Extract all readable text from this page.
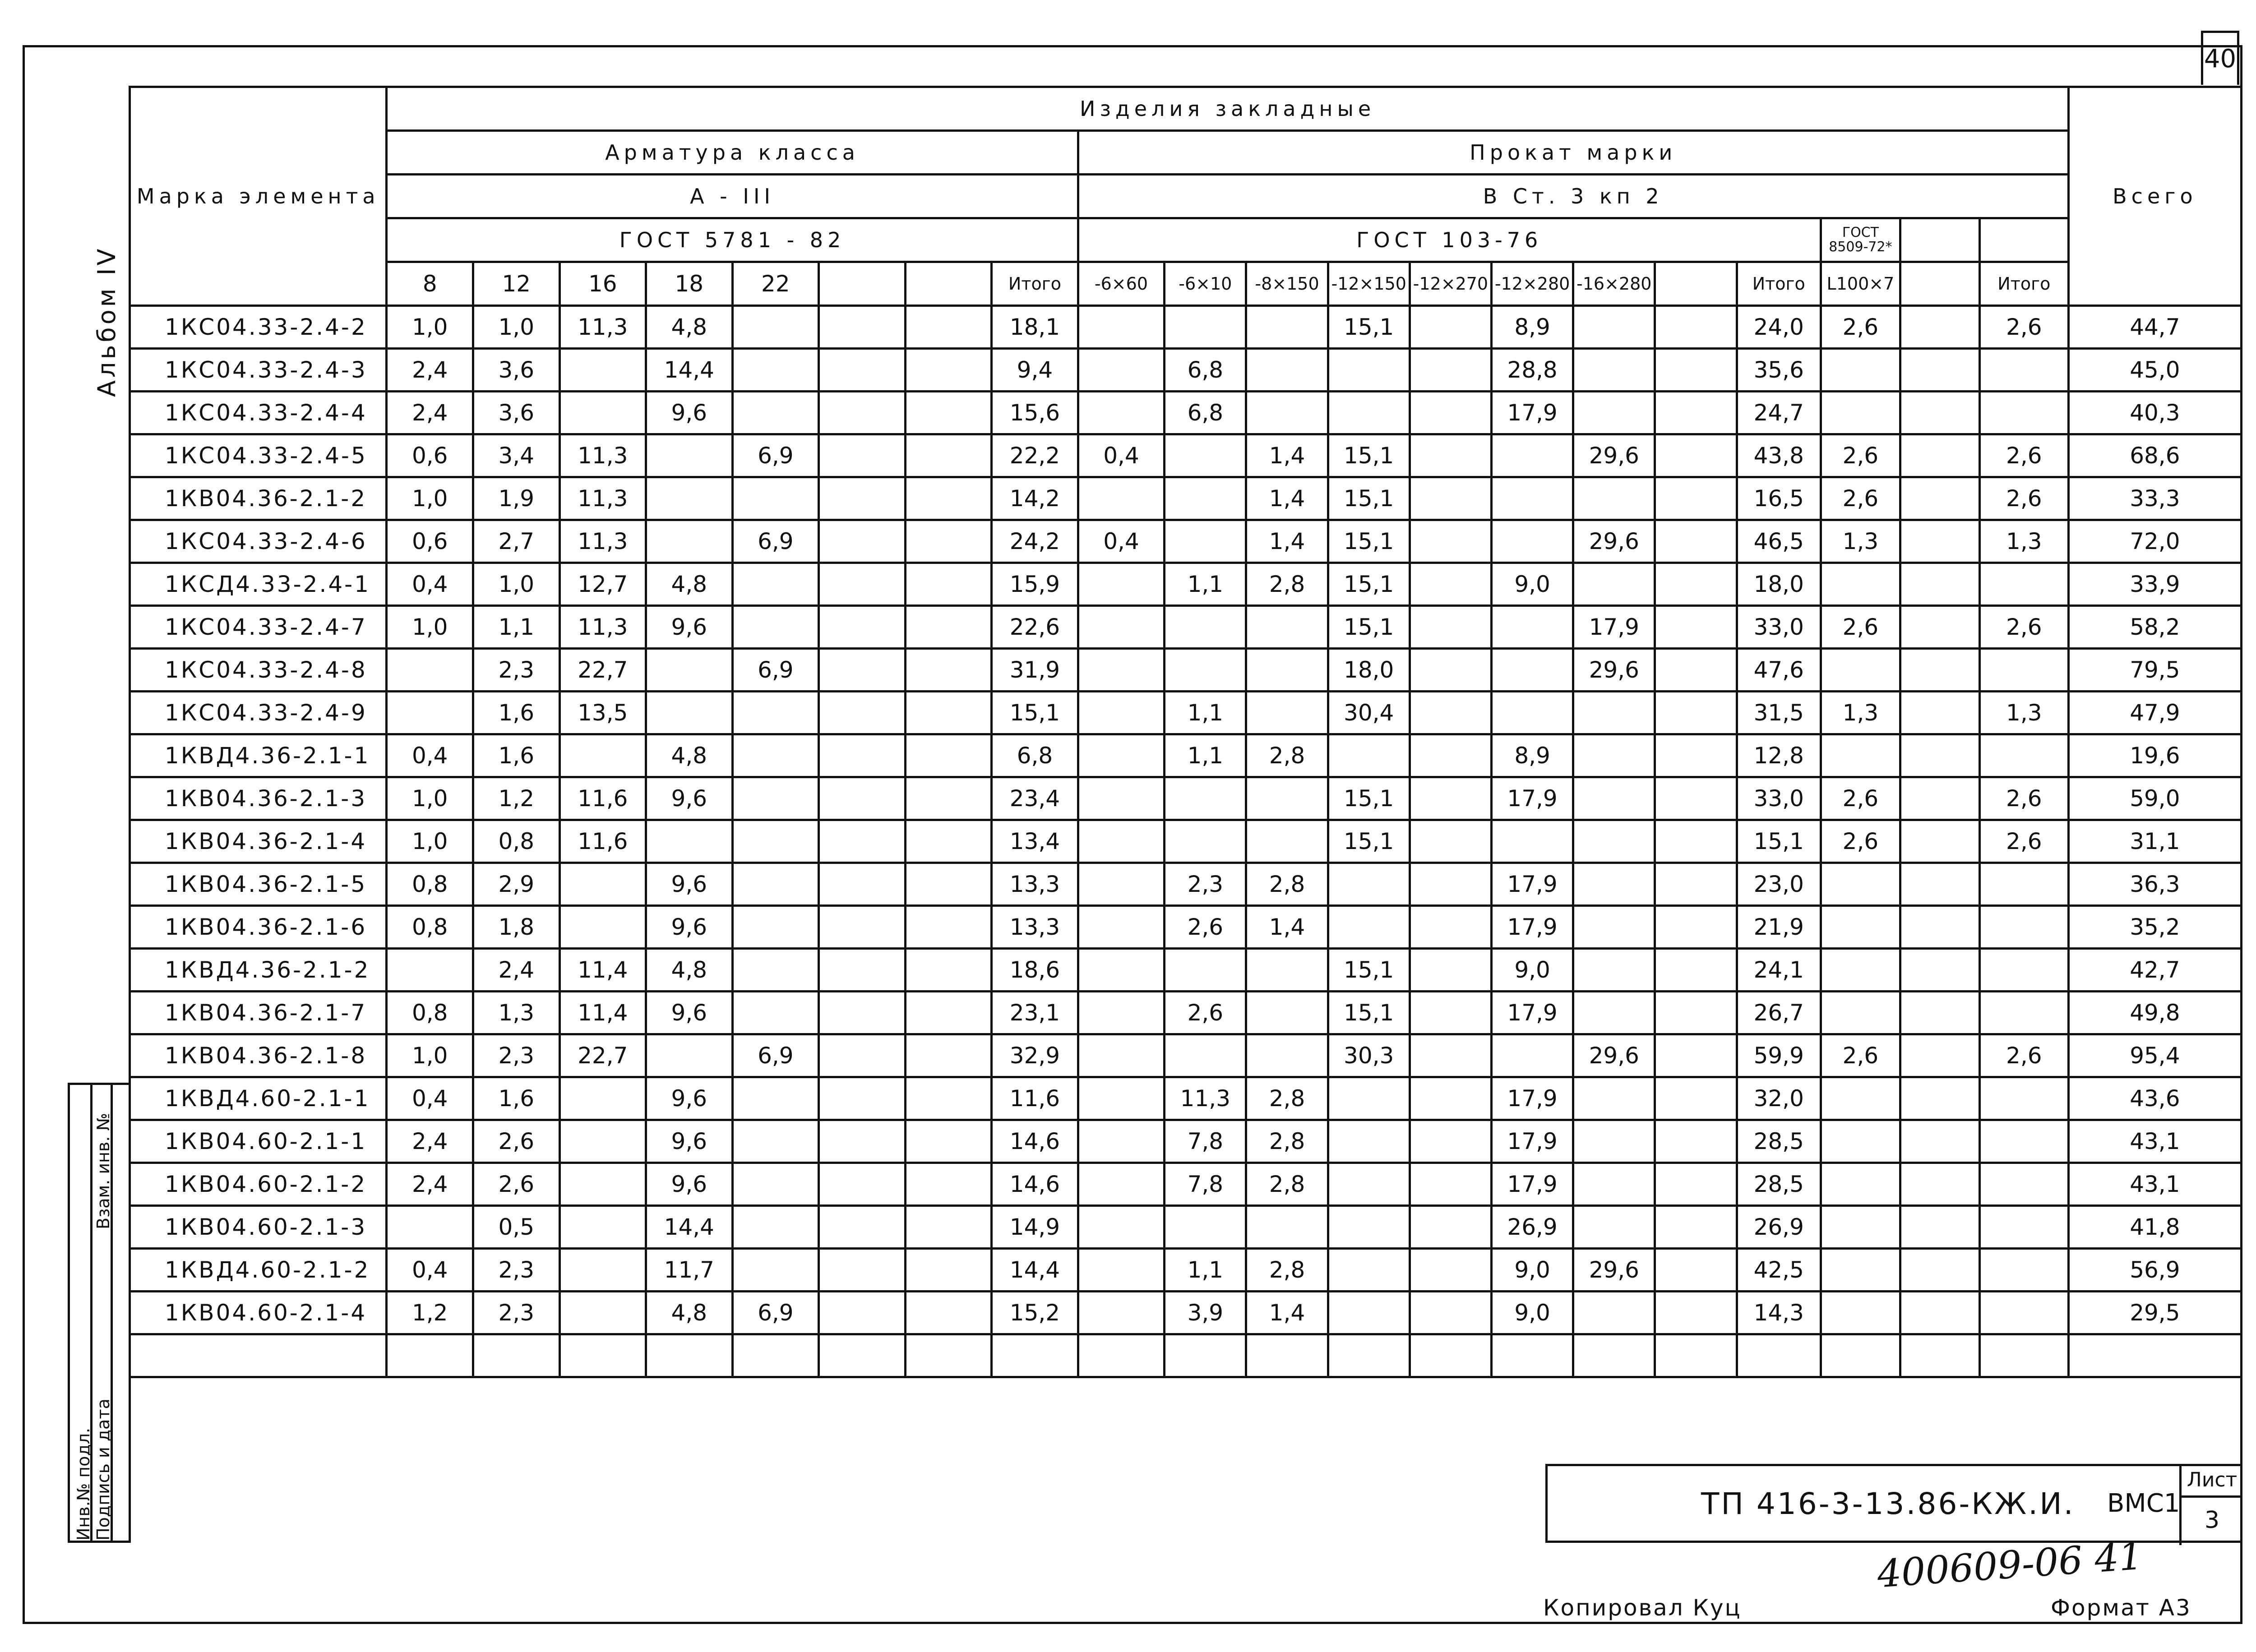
40
Альбом IV
Марка элемента	Изделия закладные																				Всего
	Арматура класса								Прокат марки												
	A - III								B Ст. 3 кп 2												
	ГОСТ 5781 - 82								ГОСТ 103-76									ГОСТ 8509-72*			
	8	12	16	18	22			Итого	-6×60	-6×10	-8×150	-12×150	-12×270	-12×280	-16×280		Итого	L100×7		Итого	
1КС04.33-2.4-2	1,0	1,0	11,3	4,8				18,1				15,1		8,9			24,0	2,6		2,6	44,7
1КС04.33-2.4-3	2,4	3,6		14,4				9,4		6,8				28,8			35,6				45,0
1КС04.33-2.4-4	2,4	3,6		9,6				15,6		6,8				17,9			24,7				40,3
1КС04.33-2.4-5	0,6	3,4	11,3		6,9			22,2	0,4		1,4	15,1			29,6		43,8	2,6		2,6	68,6
1КВ04.36-2.1-2	1,0	1,9	11,3					14,2			1,4	15,1					16,5	2,6		2,6	33,3
1КС04.33-2.4-6	0,6	2,7	11,3		6,9			24,2	0,4		1,4	15,1			29,6		46,5	1,3		1,3	72,0
1КСД4.33-2.4-1	0,4	1,0	12,7	4,8				15,9		1,1	2,8	15,1		9,0			18,0				33,9
1КС04.33-2.4-7	1,0	1,1	11,3	9,6				22,6				15,1			17,9		33,0	2,6		2,6	58,2
1КС04.33-2.4-8		2,3	22,7		6,9			31,9				18,0			29,6		47,6				79,5
1КС04.33-2.4-9		1,6	13,5					15,1		1,1		30,4					31,5	1,3		1,3	47,9
1КВД4.36-2.1-1	0,4	1,6		4,8				6,8		1,1	2,8			8,9			12,8				19,6
1КВ04.36-2.1-3	1,0	1,2	11,6	9,6				23,4				15,1		17,9			33,0	2,6		2,6	59,0
1КВ04.36-2.1-4	1,0	0,8	11,6					13,4				15,1					15,1	2,6		2,6	31,1
1КВ04.36-2.1-5	0,8	2,9		9,6				13,3		2,3	2,8			17,9			23,0				36,3
1КВ04.36-2.1-6	0,8	1,8		9,6				13,3		2,6	1,4			17,9			21,9				35,2
1КВД4.36-2.1-2		2,4	11,4	4,8				18,6				15,1		9,0			24,1				42,7
1КВ04.36-2.1-7	0,8	1,3	11,4	9,6				23,1		2,6		15,1		17,9			26,7				49,8
1КВ04.36-2.1-8	1,0	2,3	22,7		6,9			32,9				30,3			29,6		59,9	2,6		2,6	95,4
1КВД4.60-2.1-1	0,4	1,6		9,6				11,6		11,3	2,8			17,9			32,0				43,6
1КВ04.60-2.1-1	2,4	2,6		9,6				14,6		7,8	2,8			17,9			28,5				43,1
1КВ04.60-2.1-2	2,4	2,6		9,6				14,6		7,8	2,8			17,9			28,5				43,1
1КВ04.60-2.1-3		0,5		14,4				14,9						26,9			26,9				41,8
1КВД4.60-2.1-2	0,4	2,3		11,7				14,4		1,1	2,8			9,0	29,6		42,5				56,9
1КВ04.60-2.1-4	1,2	2,3		4,8	6,9			15,2		3,9	1,4			9,0			14,3				29,5

Инв.№ подл. Подпись и дата
Взам. инв. №
ТП 416-3-13.86-КЖ.И. ВМС1
Лист
3
400609-06 41
Копировал Куц	Формат А3
